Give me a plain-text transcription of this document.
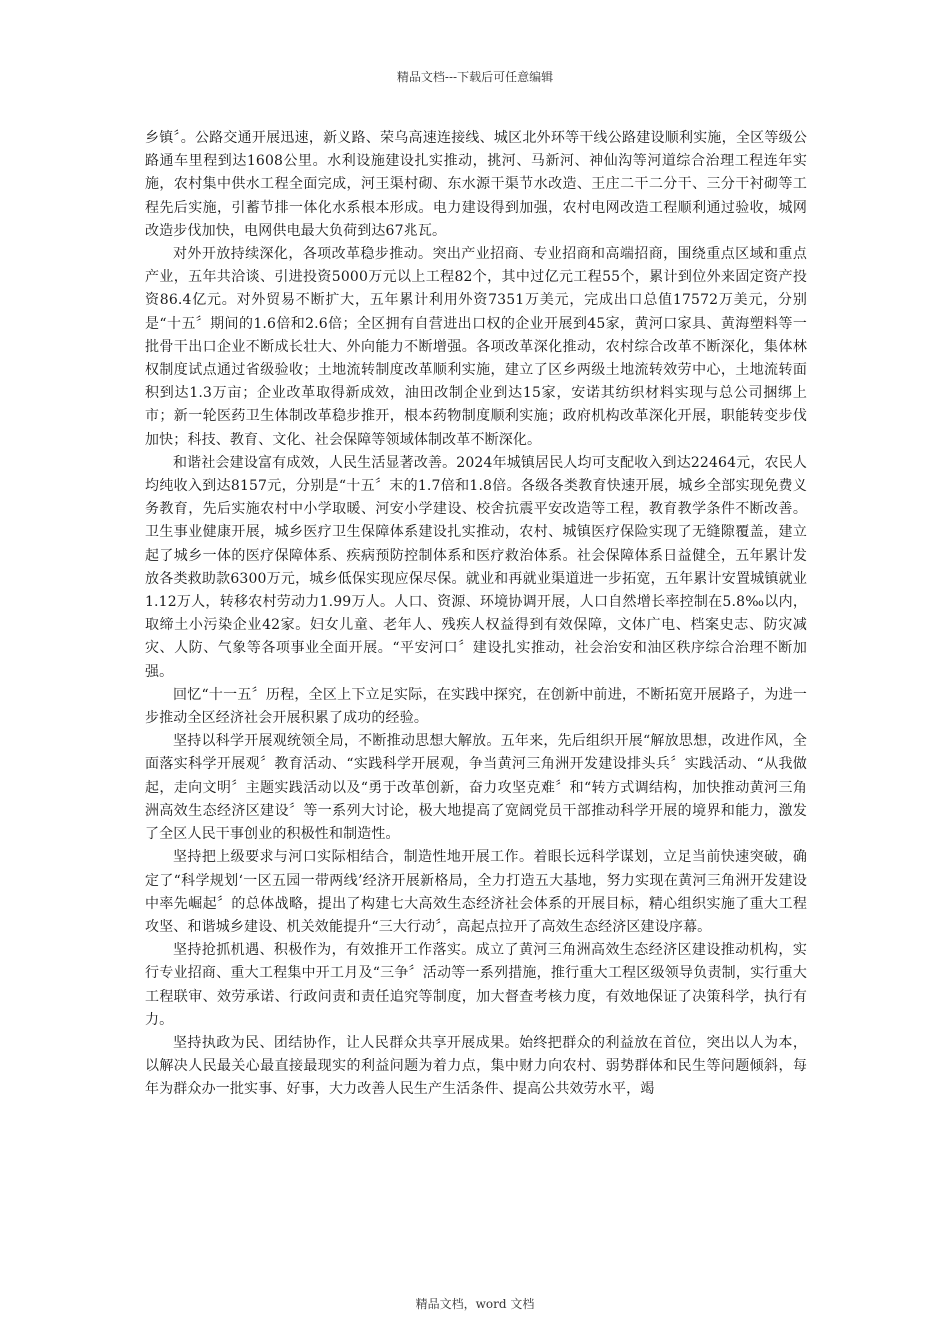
精品文档---下载后可任意编辑

乡镇〞。公路交通开展迅速，新义路、荣乌高速连接线、城区北外环等干线公路建设顺利实施，全区等级公路通车里程到达1608公里。水利设施建设扎实推动，挑河、马新河、神仙沟等河道综合治理工程连年实施，农村集中供水工程全面完成，河王渠村砌、东水源干渠节水改造、王庄二干二分干、三分干衬砌等工程先后实施，引蓄节排一体化水系根本形成。电力建设得到加强，农村电网改造工程顺利通过验收，城网改造步伐加快，电网供电最大负荷到达67兆瓦。

对外开放持续深化，各项改革稳步推动。突出产业招商、专业招商和高端招商，围绕重点区域和重点产业，五年共洽谈、引进投资5000万元以上工程82个，其中过亿元工程55个，累计到位外来固定资产投资86.4亿元。对外贸易不断扩大，五年累计利用外资7351万美元，完成出口总值17572万美元，分别是“十五〞期间的1.6倍和2.6倍；全区拥有自营进出口权的企业开展到45家，黄河口家具、黄海塑料等一批骨干出口企业不断成长壮大、外向能力不断增强。各项改革深化推动，农村综合改革不断深化，集体林权制度试点通过省级验收；土地流转制度改革顺利实施，建立了区乡两级土地流转效劳中心，土地流转面积到达1.3万亩；企业改革取得新成效，油田改制企业到达15家，安诺其纺织材料实现与总公司捆绑上市；新一轮医药卫生体制改革稳步推开，根本药物制度顺利实施；政府机构改革深化开展，职能转变步伐加快；科技、教育、文化、社会保障等领域体制改革不断深化。

和谐社会建设富有成效，人民生活显著改善。2024年城镇居民人均可支配收入到达22464元，农民人均纯收入到达8157元，分别是“十五〞末的1.7倍和1.8倍。各级各类教育快速开展，城乡全部实现免费义务教育，先后实施农村中小学取暖、河安小学建设、校舍抗震平安改造等工程，教育教学条件不断改善。卫生事业健康开展，城乡医疗卫生保障体系建设扎实推动，农村、城镇医疗保险实现了无缝隙覆盖，建立起了城乡一体的医疗保障体系、疾病预防控制体系和医疗救治体系。社会保障体系日益健全，五年累计发放各类救助款6300万元，城乡低保实现应保尽保。就业和再就业渠道进一步拓宽，五年累计安置城镇就业1.12万人，转移农村劳动力1.99万人。人口、资源、环境协调开展，人口自然增长率控制在5.8‰以内，取缔土小污染企业42家。妇女儿童、老年人、残疾人权益得到有效保障，文体广电、档案史志、防灾减灾、人防、气象等各项事业全面开展。“平安河口〞建设扎实推动，社会治安和油区秩序综合治理不断加强。

回忆“十一五〞历程，全区上下立足实际，在实践中探究，在创新中前进，不断拓宽开展路子，为进一步推动全区经济社会开展积累了成功的经验。

坚持以科学开展观统领全局，不断推动思想大解放。五年来，先后组织开展“解放思想，改进作风，全面落实科学开展观〞教育活动、“实践科学开展观，争当黄河三角洲开发建设排头兵〞实践活动、“从我做起，走向文明〞主题实践活动以及“勇于改革创新，奋力攻坚克难〞和“转方式调结构，加快推动黄河三角洲高效生态经济区建设〞等一系列大讨论，极大地提高了宽阔党员干部推动科学开展的境界和能力，激发了全区人民干事创业的积极性和制造性。

坚持把上级要求与河口实际相结合，制造性地开展工作。着眼长远科学谋划，立足当前快速突破，确定了“科学规划‘一区五园一带两线’经济开展新格局，全力打造五大基地，努力实现在黄河三角洲开发建设中率先崛起〞的总体战略，提出了构建七大高效生态经济社会体系的开展目标，精心组织实施了重大工程攻坚、和谐城乡建设、机关效能提升“三大行动〞，高起点拉开了高效生态经济区建设序幕。

坚持抢抓机遇、积极作为，有效推开工作落实。成立了黄河三角洲高效生态经济区建设推动机构，实行专业招商、重大工程集中开工月及“三争〞活动等一系列措施，推行重大工程区级领导负责制，实行重大工程联审、效劳承诺、行政问责和责任追究等制度，加大督查考核力度，有效地保证了决策科学，执行有力。

坚持执政为民、团结协作，让人民群众共享开展成果。始终把群众的利益放在首位，突出以人为本，以解决人民最关心最直接最现实的利益问题为着力点，集中财力向农村、弱势群体和民生等问题倾斜，每年为群众办一批实事、好事，大力改善人民生产生活条件、提高公共效劳水平，竭

精品文档，word 文档
